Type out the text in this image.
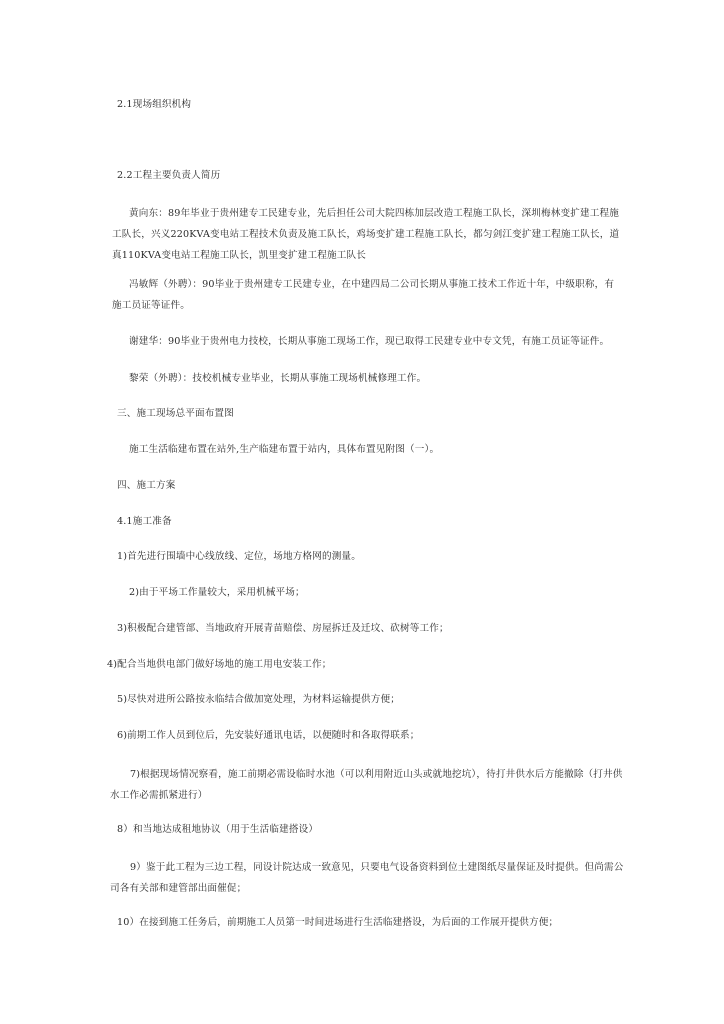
2.1现场组织机构

2.2工程主要负责人简历

黄向东：89年毕业于贵州建专工民建专业，先后担任公司大院四栋加层改造工程施工队长，深圳梅林变扩建工程施工队长，兴义220KVA变电站工程技术负责及施工队长，鸡场变扩建工程施工队长，都匀剑江变扩建工程施工队长，道真110KVA变电站工程施工队长，凯里变扩建工程施工队长

冯敏辉（外聘）：90毕业于贵州建专工民建专业，在中建四局二公司长期从事施工技术工作近十年，中级职称，有施工员证等证件。

谢建华：90毕业于贵州电力技校，长期从事施工现场工作，现已取得工民建专业中专文凭，有施工员证等证件。

黎荣（外聘）：技校机械专业毕业，长期从事施工现场机械修理工作。

三、施工现场总平面布置图

施工生活临建布置在站外,生产临建布置于站内，具体布置见附图（一）。

四、施工方案

4.1施工准备

1)首先进行围墙中心线放线、定位，场地方格网的测量。

2)由于平场工作量较大，采用机械平场；

3)积极配合建管部、当地政府开展青苗赔偿、房屋拆迁及迁坟、砍树等工作；

4)配合当地供电部门做好场地的施工用电安装工作；

5)尽快对进所公路按永临结合做加宽处理，为材料运输提供方便；

6)前期工作人员到位后，先安装好通讯电话，以便随时和各取得联系；

7)根据现场情况察看，施工前期必需设临时水池（可以利用附近山头或就地挖坑），待打井供水后方能撤除（打井供水工作必需抓紧进行）

8）和当地达成租地协议（用于生活临建搭设）

9）鉴于此工程为三边工程，同设计院达成一致意见，只要电气设备资料到位土建图纸尽量保证及时提供。但尚需公司各有关部和建管部出面催促；

10）在接到施工任务后，前期施工人员第一时间进场进行生活临建搭设，为后面的工作展开提供方便；
